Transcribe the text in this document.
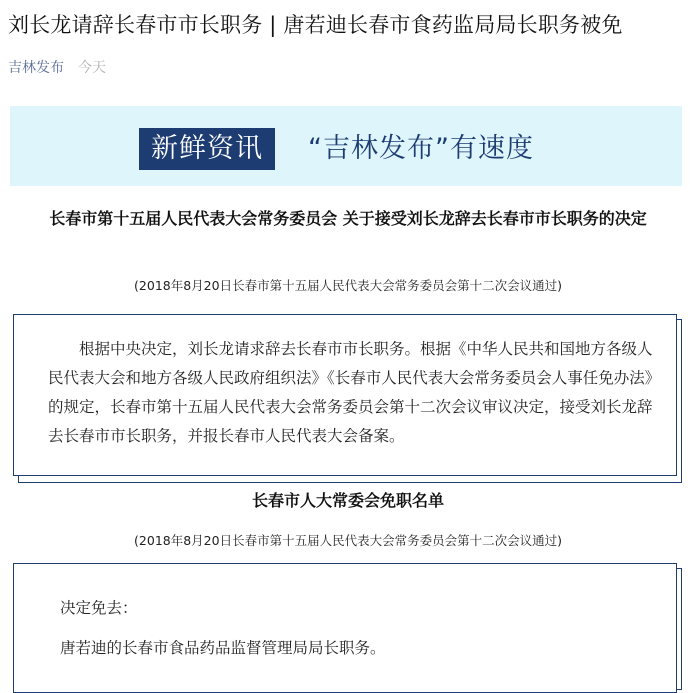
刘长龙请辞长春市市长职务 | 唐若迪长春市食药监局局长职务被免
吉林发布 今天
新鲜资讯	“吉林发布”有速度
长春市第十五届人民代表大会常务委员会 关于接受刘长龙辞去长春市市长职务的决定
(2018年8月20日长春市第十五届人民代表大会常务委员会第十二次会议通过)

根据中央决定，刘长龙请求辞去长春市市长职务。根据《中华人民共和国地方各级人民代表大会和地方各级人民政府组织法》《长春市人民代表大会常务委员会人事任免办法》的规定，长春市第十五届人民代表大会常务委员会第十二次会议审议决定，接受刘长龙辞去长春市市长职务，并报长春市人民代表大会备案。

长春市人大常委会免职名单
(2018年8月20日长春市第十五届人民代表大会常务委员会第十二次会议通过)
决定免去：
唐若迪的长春市食品药品监督管理局局长职务。
